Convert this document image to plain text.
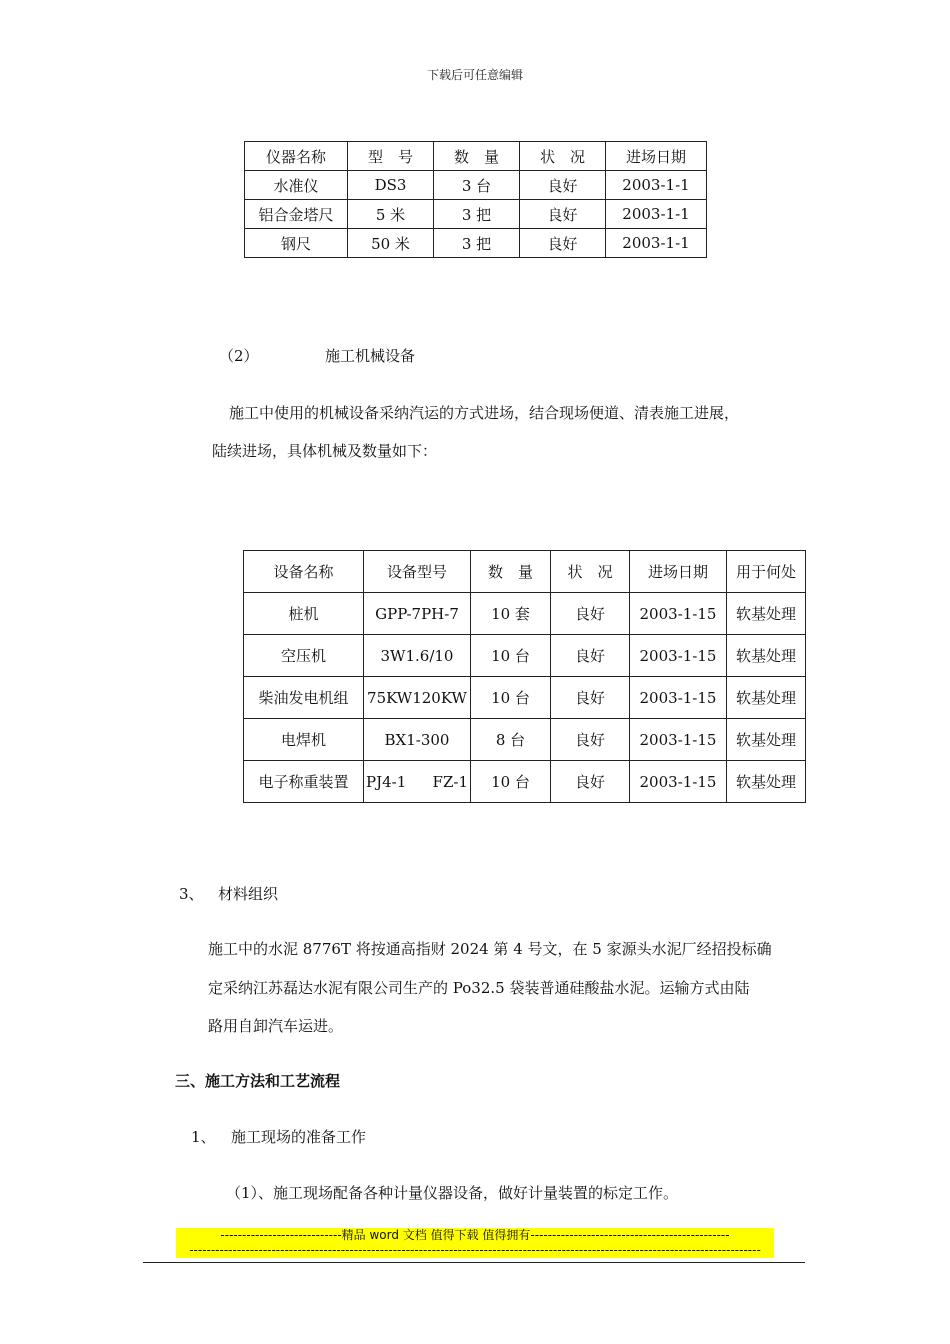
下载后可任意编辑
仪器名称	型　号	数　量	状　况	进场日期
水准仪	DS3	3 台	良好	2003-1-1
铝合金塔尺	5 米	3 把	良好	2003-1-1
钢尺	50 米	3 把	良好	2003-1-1
（2）	施工机械设备
施工中使用的机械设备采纳汽运的方式进场，结合现场便道、清表施工进展，
陆续进场，具体机械及数量如下：
设备名称	设备型号	数　量	状　况	进场日期	用于何处
桩机	GPP-7PH-7	10 套	良好	2003-1-15	软基处理
空压机	3W1.6/10	10 台	良好	2003-1-15	软基处理
柴油发电机组	75KW120KW	10 台	良好	2003-1-15	软基处理
电焊机	BX1-300	8 台	良好	2003-1-15	软基处理
电子称重装置	PJ4-1 FZ-1	10 台	良好	2003-1-15	软基处理
3、 材料组织
施工中的水泥 8776T 将按通高指财 2024 第 4 号文，在 5 家源头水泥厂经招投标确
定采纳江苏磊达水泥有限公司生产的 Po32.5 袋装普通硅酸盐水泥。运输方式由陆
路用自卸汽车运进。
三、施工方法和工艺流程
1、 施工现场的准备工作
（1）、施工现场配备各种计量仪器设备，做好计量装置的标定工作。
----------------------------精品 word 文档 值得下载 值得拥有----------------------------------------------
------------------------------------------------------------------------------------------------------------------------------------
